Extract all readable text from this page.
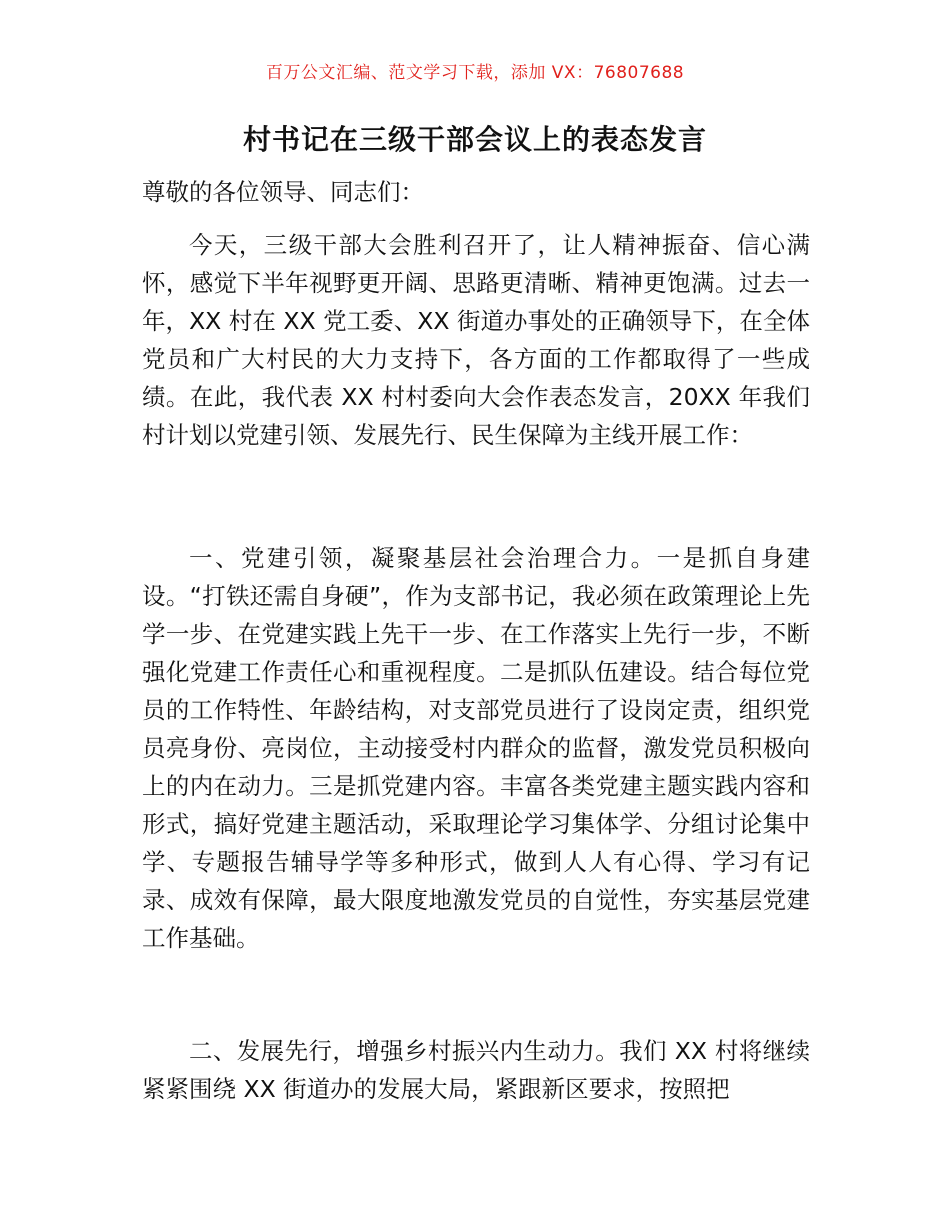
百万公文汇编、范文学习下载，添加 VX：76807688
村书记在三级干部会议上的表态发言
尊敬的各位领导、同志们：
今天，三级干部大会胜利召开了，让人精神振奋、信心满怀，感觉下半年视野更开阔、思路更清晰、精神更饱满。过去一年，XX 村在 XX 党工委、XX 街道办事处的正确领导下，在全体党员和广大村民的大力支持下，各方面的工作都取得了一些成绩。在此，我代表 XX 村村委向大会作表态发言，20XX 年我们村计划以党建引领、发展先行、民生保障为主线开展工作：
一、党建引领，凝聚基层社会治理合力。一是抓自身建设。“打铁还需自身硬”，作为支部书记，我必须在政策理论上先学一步、在党建实践上先干一步、在工作落实上先行一步，不断强化党建工作责任心和重视程度。二是抓队伍建设。结合每位党员的工作特性、年龄结构，对支部党员进行了设岗定责，组织党员亮身份、亮岗位，主动接受村内群众的监督，激发党员积极向上的内在动力。三是抓党建内容。丰富各类党建主题实践内容和形式，搞好党建主题活动，采取理论学习集体学、分组讨论集中学、专题报告辅导学等多种形式，做到人人有心得、学习有记录、成效有保障，最大限度地激发党员的自觉性，夯实基层党建工作基础。
二、发展先行，增强乡村振兴内生动力。我们 XX 村将继续紧紧围绕 XX 街道办的发展大局，紧跟新区要求，按照把
